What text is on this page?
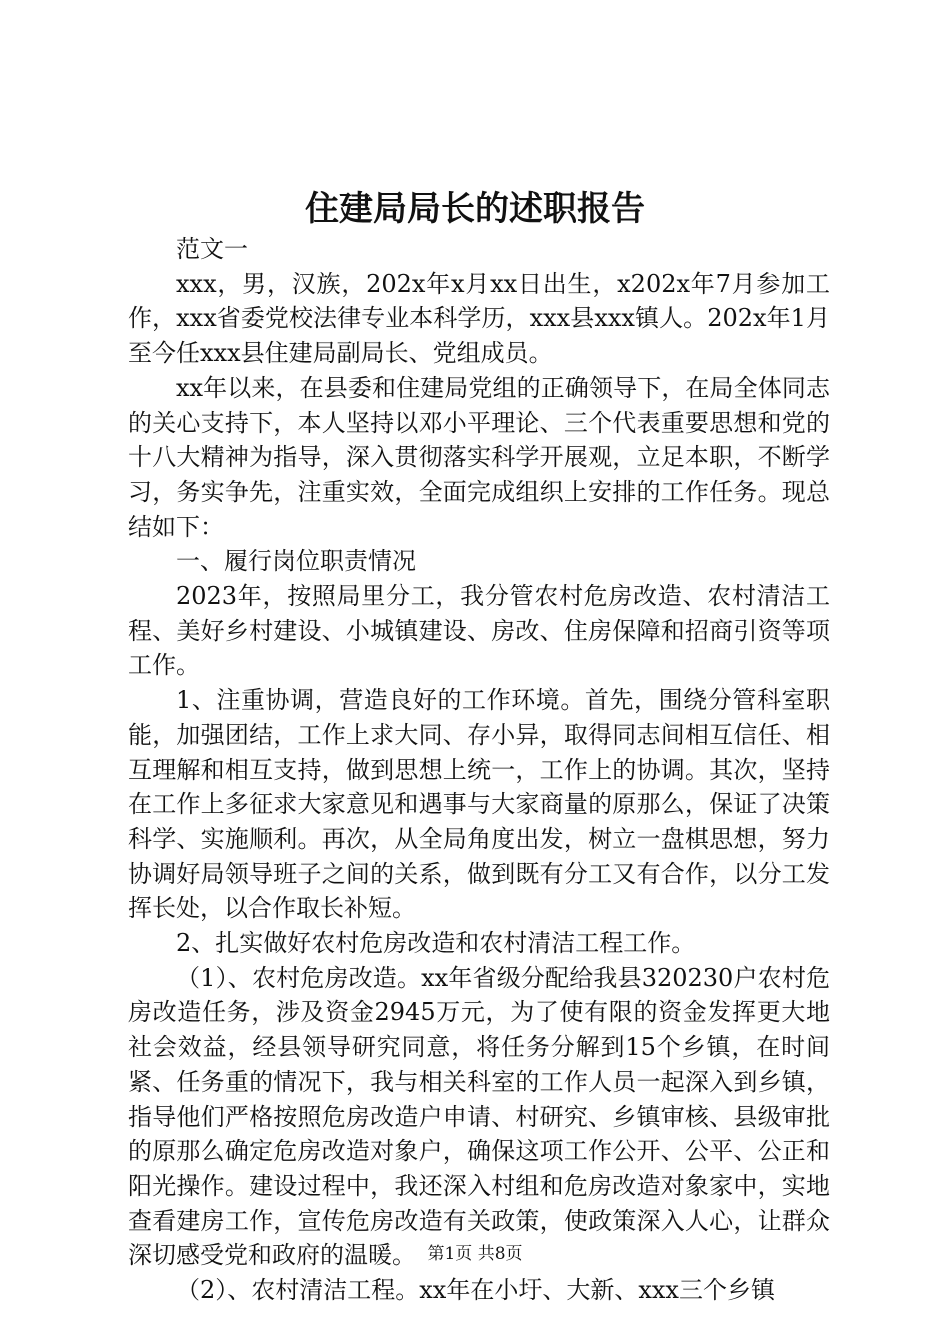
住建局局长的述职报告

范文一

xxx，男，汉族，202x年x月xx日出生，x202x年7月参加工作，xxx省委党校法律专业本科学历，xxx县xxx镇人。202x年1月至今任xxx县住建局副局长、党组成员。

xx年以来，在县委和住建局党组的正确领导下，在局全体同志的关心支持下，本人坚持以邓小平理论、三个代表重要思想和党的十八大精神为指导，深入贯彻落实科学开展观，立足本职，不断学习，务实争先，注重实效，全面完成组织上安排的工作任务。现总结如下：

一、履行岗位职责情况

2023年，按照局里分工，我分管农村危房改造、农村清洁工程、美好乡村建设、小城镇建设、房改、住房保障和招商引资等项工作。

1、注重协调，营造良好的工作环境。首先，围绕分管科室职能，加强团结，工作上求大同、存小异，取得同志间相互信任、相互理解和相互支持，做到思想上统一，工作上的协调。其次，坚持在工作上多征求大家意见和遇事与大家商量的原那么，保证了决策科学、实施顺利。再次，从全局角度出发，树立一盘棋思想，努力协调好局领导班子之间的关系，做到既有分工又有合作，以分工发挥长处，以合作取长补短。

2、扎实做好农村危房改造和农村清洁工程工作。

（1）、农村危房改造。xx年省级分配给我县320230户农村危房改造任务，涉及资金2945万元，为了使有限的资金发挥更大地社会效益，经县领导研究同意，将任务分解到15个乡镇，在时间紧、任务重的情况下，我与相关科室的工作人员一起深入到乡镇，指导他们严格按照危房改造户申请、村研究、乡镇审核、县级审批的原那么确定危房改造对象户，确保这项工作公开、公平、公正和阳光操作。建设过程中，我还深入村组和危房改造对象家中，实地查看建房工作，宣传危房改造有关政策，使政策深入人心，让群众深切感受党和政府的温暖。

（2）、农村清洁工程。xx年在小圩、大新、xxx三个乡镇

第1页 共8页
